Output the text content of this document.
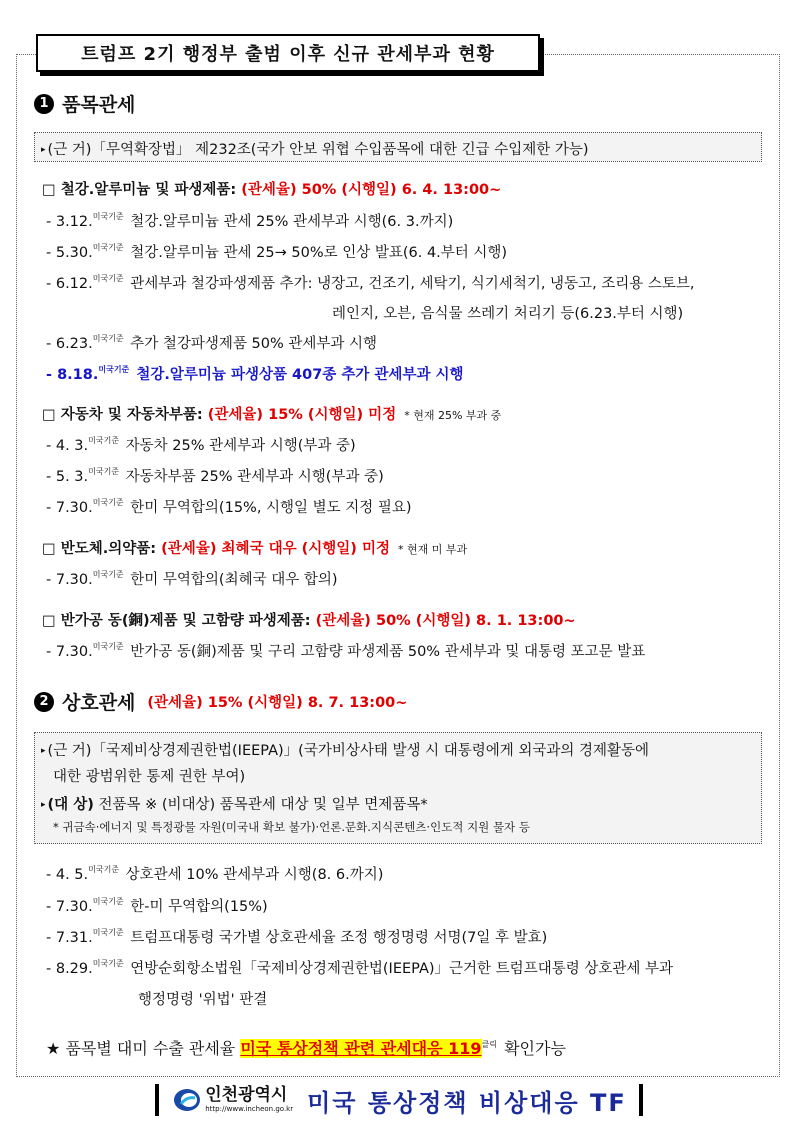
트럼프 2기 행정부 출범 이후 신규 관세부과 현황
1 품목관세
▸ (근 거)「무역확장법」 제232조(국가 안보 위협 수입품목에 대한 긴급 수입제한 가능)
□ 철강.알루미늄 및 파생제품: (관세율) 50% (시행일) 6. 4. 13:00~
- 3.12.$^{미국기준}$ 철강.알루미늄 관세 25% 관세부과 시행(6. 3.까지)
- 5.30.$^{미국기준}$ 철강.알루미늄 관세 25→ 50%로 인상 발표(6. 4.부터 시행)
- 6.12.$^{미국기준}$ 관세부과 철강파생제품 추가: 냉장고, 건조기, 세탁기, 식기세척기, 냉동고, 조리용 스토브,
레인지, 오븐, 음식물 쓰레기 처리기 등(6.23.부터 시행)
- 6.23.$^{미국기준}$ 추가 철강파생제품 50% 관세부과 시행
- 8.18.$^{미국기준}$ 철강.알루미늄 파생상품 407종 추가 관세부과 시행
□ 자동차 및 자동차부품: (관세율) 15% (시행일) 미정 * 현재 25% 부과 중
- 4. 3.$^{미국기준}$ 자동차 25% 관세부과 시행(부과 중)
- 5. 3.$^{미국기준}$ 자동차부품 25% 관세부과 시행(부과 중)
- 7.30.$^{미국기준}$ 한미 무역합의(15%, 시행일 별도 지정 필요)
□ 반도체.의약품: (관세율) 최혜국 대우 (시행일) 미정 * 현재 미 부과
- 7.30.$^{미국기준}$ 한미 무역합의(최혜국 대우 합의)
□ 반가공 동(銅)제품 및 고함량 파생제품: (관세율) 50% (시행일) 8. 1. 13:00~
- 7.30.$^{미국기준}$ 반가공 동(銅)제품 및 구리 고함량 파생제품 50% 관세부과 및 대통령 포고문 발표
2 상호관세 (관세율) 15% (시행일) 8. 7. 13:00~
▸ (근 거)「국제비상경제권한법(IEEPA)」(국가비상사태 발생 시 대통령에게 외국과의 경제활동에
대한 광범위한 통제 권한 부여)
▸ (대 상) 전품목 ※ (비대상) 품목관세 대상 및 일부 면제품목*
* 귀금속·에너지 및 특정광물 자원(미국내 확보 불가)·언론.문화.지식콘텐츠·인도적 지원 물자 등
- 4. 5.$^{미국기준}$ 상호관세 10% 관세부과 시행(8. 6.까지)
- 7.30.$^{미국기준}$ 한-미 무역합의(15%)
- 7.31.$^{미국기준}$ 트럼프대통령 국가별 상호관세율 조정 행정명령 서명(7일 후 발효)
- 8.29.$^{미국기준}$ 연방순회항소법원「국제비상경제권한법(IEEPA)」근거한 트럼프대통령 상호관세 부과
행정명령 '위법' 판결
★ 품목별 대미 수출 관세율 미국 통상정책 관련 관세대응 $119^{클릭}$ 확인가능
인천광역시
http://www.incheon.go.kr 미국 통상정책 비상대응 TF
